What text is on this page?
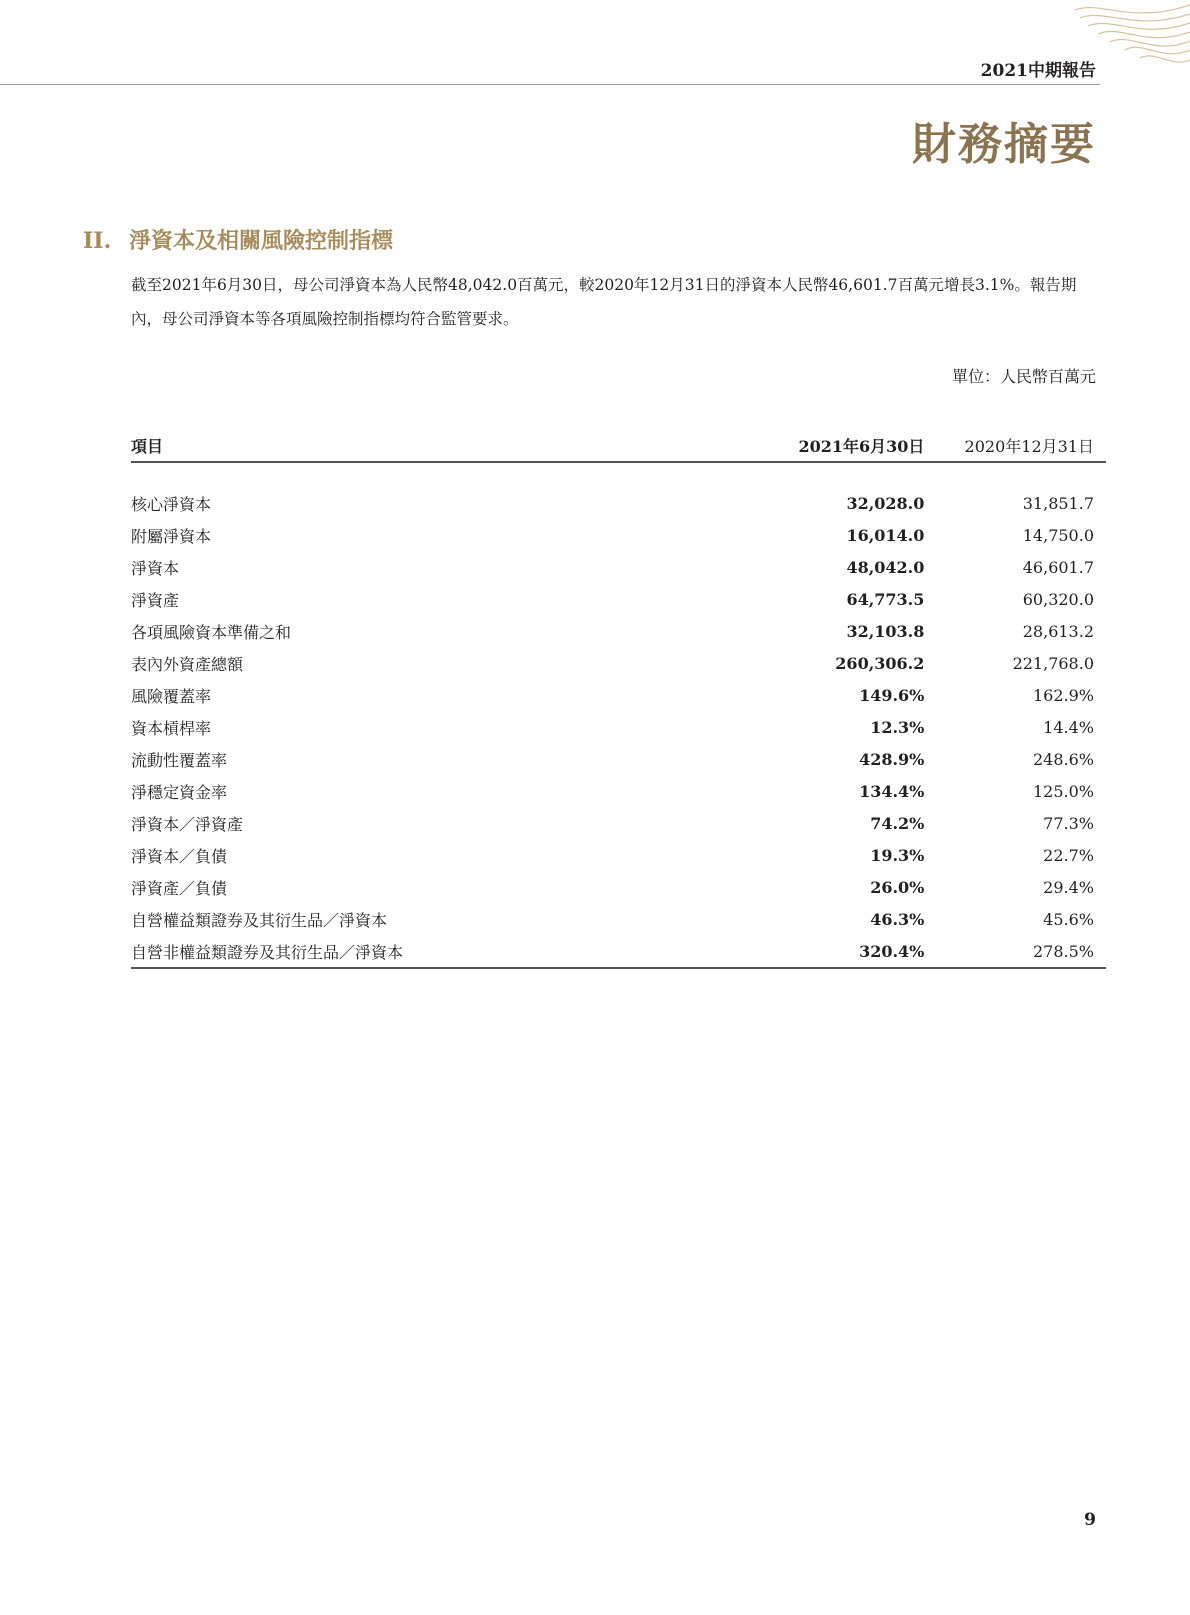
2021中期報告
財務摘要
II. 淨資本及相關風險控制指標
截至2021年6月30日，母公司淨資本為人民幣48,042.0百萬元，較2020年12月31日的淨資本人民幣46,601.7百萬元增長3.1%。報告期內，母公司淨資本等各項風險控制指標均符合監管要求。
單位：人民幣百萬元
項目	2021年6月30日	2020年12月31日

核心淨資本	32,028.0	31,851.7
附屬淨資本	16,014.0	14,750.0
淨資本	48,042.0	46,601.7
淨資產	64,773.5	60,320.0
各項風險資本準備之和	32,103.8	28,613.2
表內外資產總額	260,306.2	221,768.0
風險覆蓋率	149.6%	162.9%
資本槓桿率	12.3%	14.4%
流動性覆蓋率	428.9%	248.6%
淨穩定資金率	134.4%	125.0%
淨資本／淨資產	74.2%	77.3%
淨資本／負債	19.3%	22.7%
淨資產／負債	26.0%	29.4%
自營權益類證券及其衍生品／淨資本	46.3%	45.6%
自營非權益類證券及其衍生品／淨資本	320.4%	278.5%
9
